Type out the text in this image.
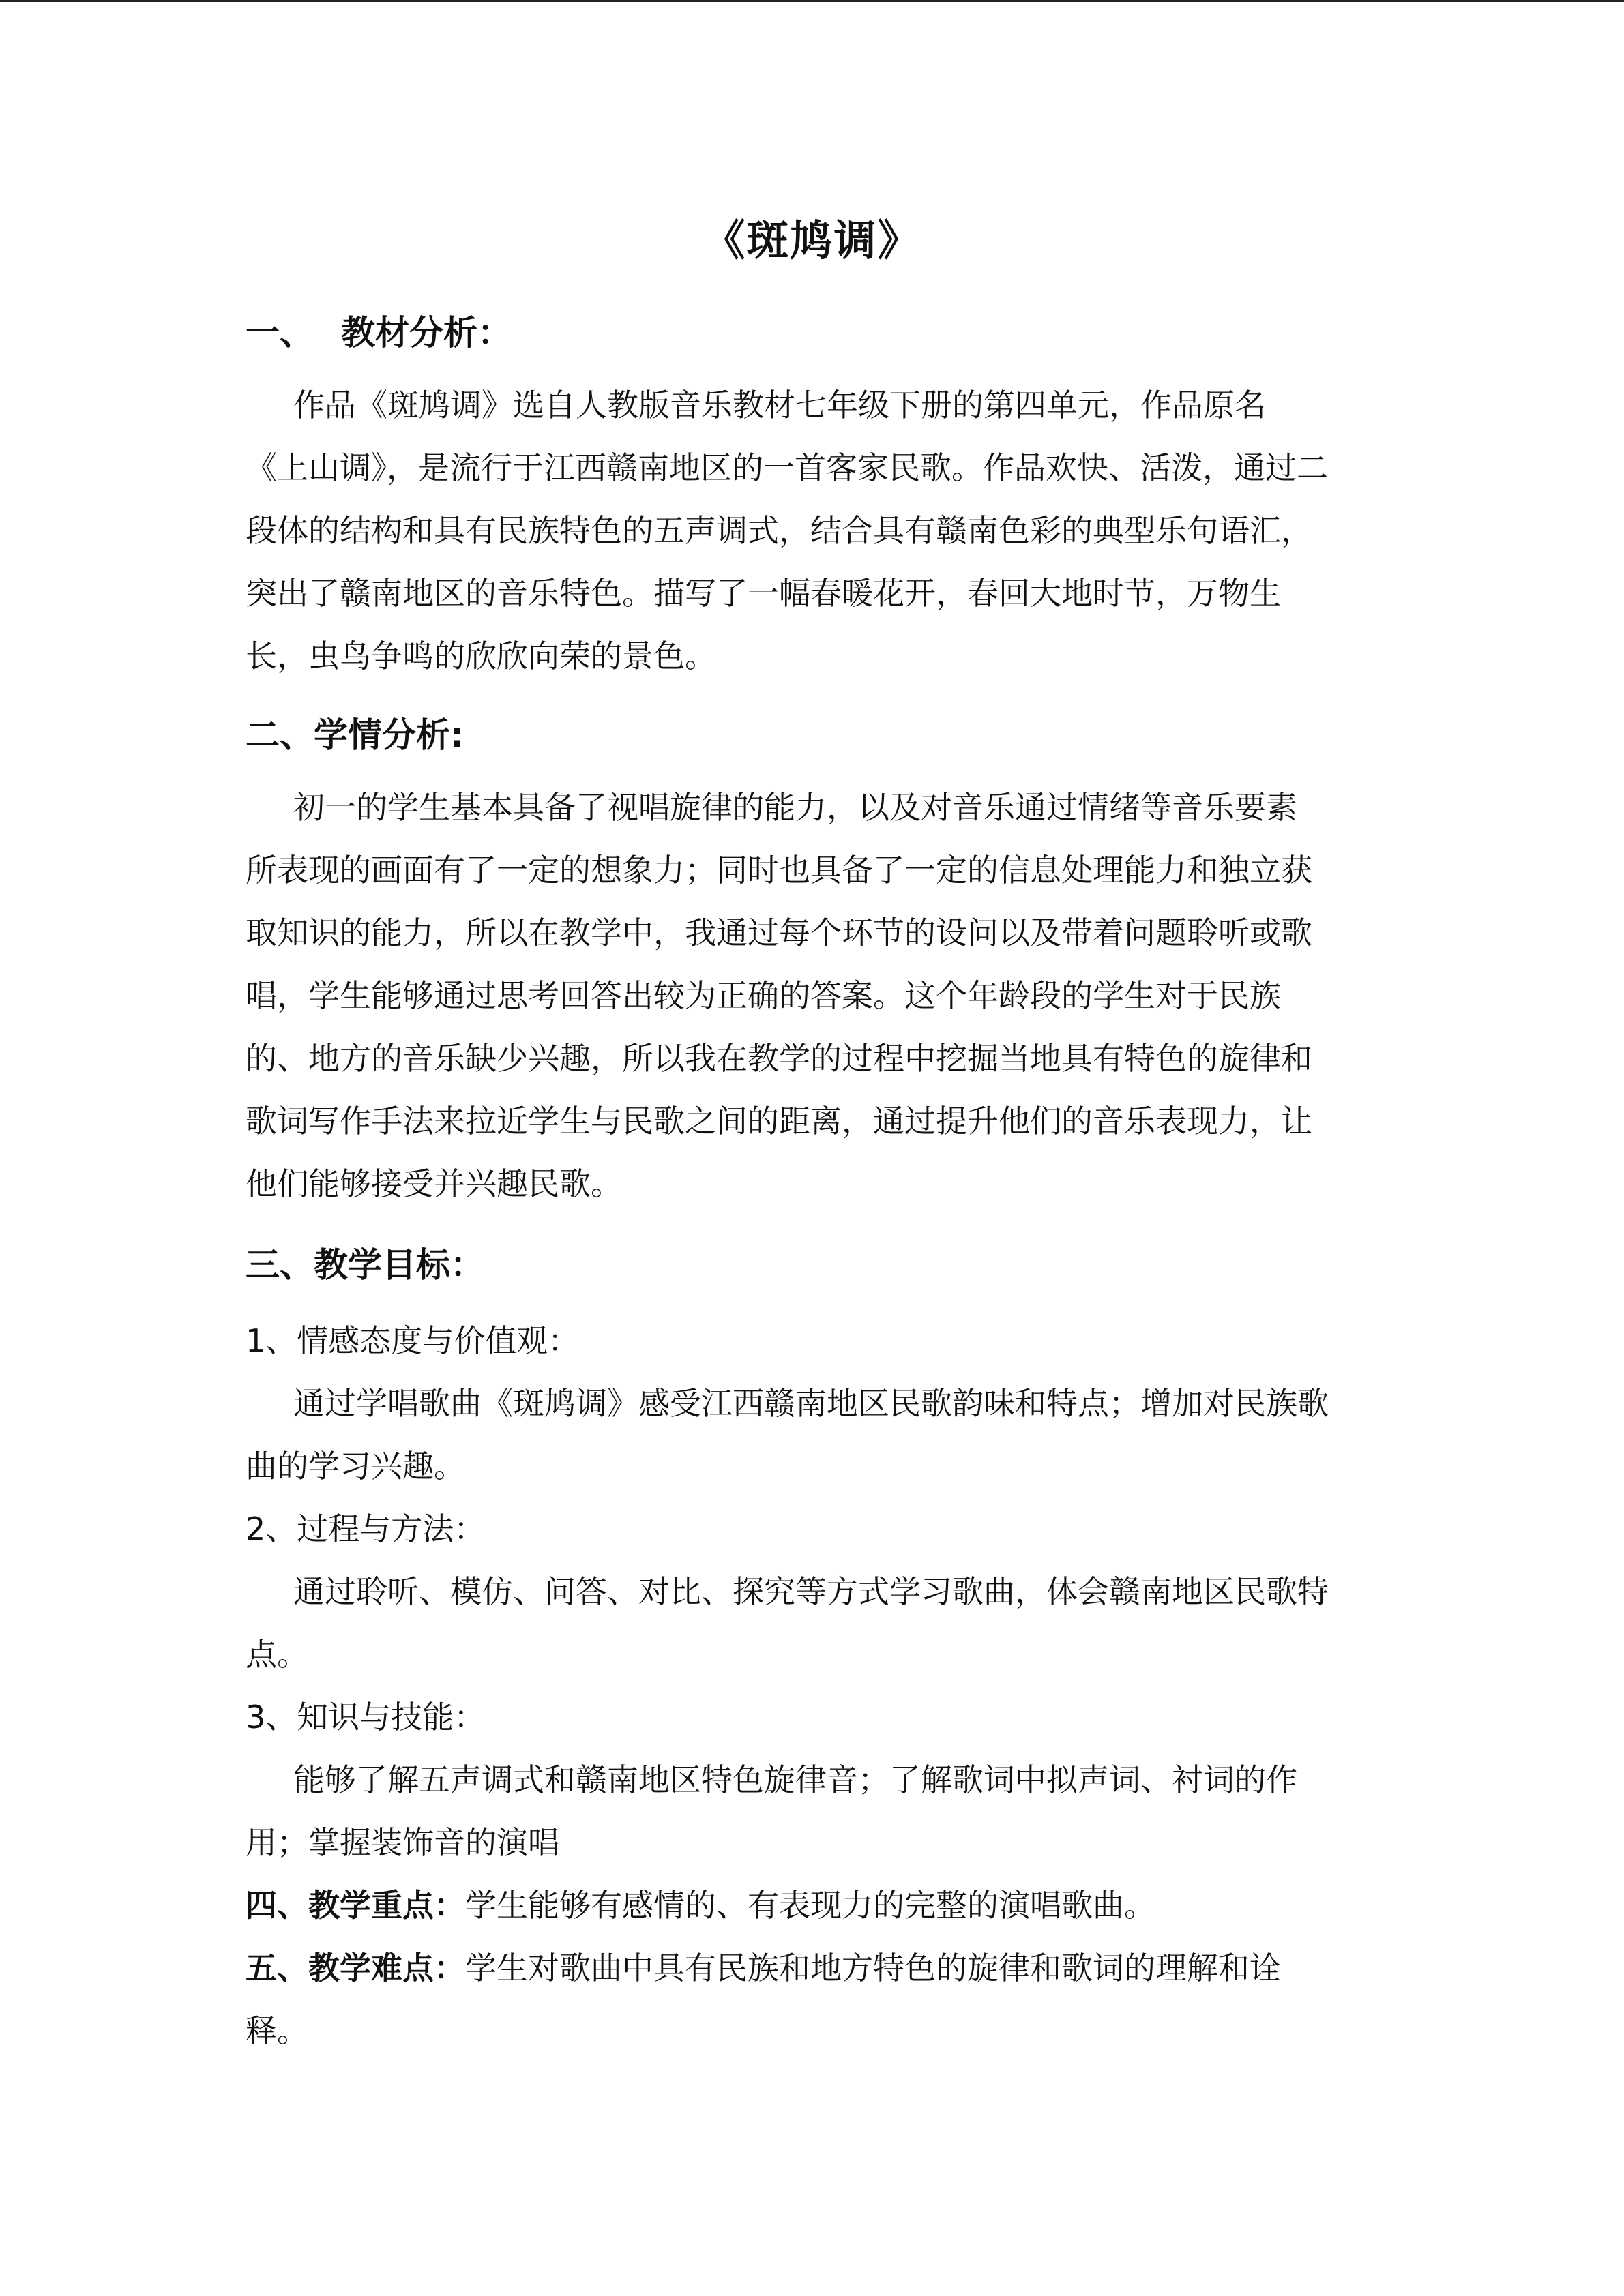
《斑鸠调》
一、 教材分析：
作品《斑鸠调》选自人教版音乐教材七年级下册的第四单元，作品原名
《上山调》，是流行于江西赣南地区的一首客家民歌。作品欢快、活泼，通过二
段体的结构和具有民族特色的五声调式，结合具有赣南色彩的典型乐句语汇，
突出了赣南地区的音乐特色。描写了一幅春暖花开，春回大地时节，万物生
长，虫鸟争鸣的欣欣向荣的景色。
二、学情分析:
初一的学生基本具备了视唱旋律的能力，以及对音乐通过情绪等音乐要素
所表现的画面有了一定的想象力；同时也具备了一定的信息处理能力和独立获
取知识的能力，所以在教学中，我通过每个环节的设问以及带着问题聆听或歌
唱，学生能够通过思考回答出较为正确的答案。这个年龄段的学生对于民族
的、地方的音乐缺少兴趣，所以我在教学的过程中挖掘当地具有特色的旋律和
歌词写作手法来拉近学生与民歌之间的距离，通过提升他们的音乐表现力，让
他们能够接受并兴趣民歌。
三、教学目标：
1、情感态度与价值观：
通过学唱歌曲《斑鸠调》感受江西赣南地区民歌韵味和特点；增加对民族歌
曲的学习兴趣。
2、过程与方法：
通过聆听、模仿、问答、对比、探究等方式学习歌曲，体会赣南地区民歌特
点。
3、知识与技能：
能够了解五声调式和赣南地区特色旋律音；了解歌词中拟声词、衬词的作
用；掌握装饰音的演唱
四、教学重点：学生能够有感情的、有表现力的完整的演唱歌曲。
五、教学难点：学生对歌曲中具有民族和地方特色的旋律和歌词的理解和诠
释。
